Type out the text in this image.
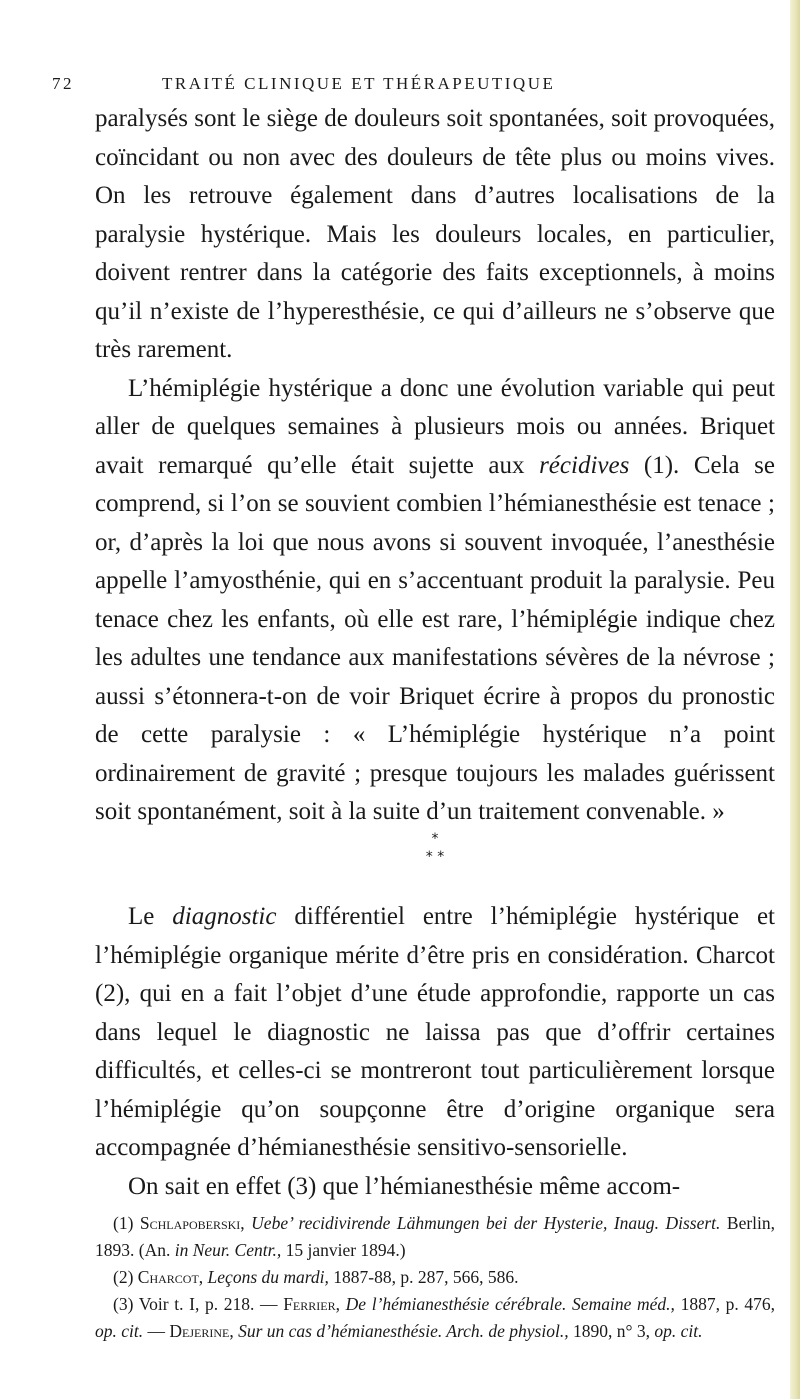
72	TRAITÉ CLINIQUE ET THÉRAPEUTIQUE

paralysés sont le siège de douleurs soit spontanées, soit provoquées, coïncidant ou non avec des douleurs de tête plus ou moins vives. On les retrouve également dans d’autres localisations de la paralysie hystérique. Mais les douleurs locales, en particulier, doivent rentrer dans la catégorie des faits exceptionnels, à moins qu’il n’existe de l’hyperesthésie, ce qui d’ailleurs ne s’observe que très rarement.

L’hémiplégie hystérique a donc une évolution variable qui peut aller de quelques semaines à plusieurs mois ou années. Briquet avait remarqué qu’elle était sujette aux récidives (1). Cela se comprend, si l’on se souvient combien l’hémianesthésie est tenace ; or, d’après la loi que nous avons si souvent invoquée, l’anesthésie appelle l’amyosthénie, qui en s’accentuant produit la paralysie. Peu tenace chez les enfants, où elle est rare, l’hémiplégie indique chez les adultes une tendance aux manifestations sévères de la névrose ; aussi s’étonnera-t-on de voir Briquet écrire à propos du pronostic de cette paralysie : « L’hémiplégie hystérique n’a point ordinairement de gravité ; presque toujours les malades guérissent soit spontanément, soit à la suite d’un traitement convenable. »

*
* *

Le diagnostic différentiel entre l’hémiplégie hystérique et l’hémiplégie organique mérite d’être pris en considération. Charcot (2), qui en a fait l’objet d’une étude approfondie, rapporte un cas dans lequel le diagnostic ne laissa pas que d’offrir certaines difficultés, et celles-ci se montreront tout particulièrement lorsque l’hémiplégie qu’on soupçonne être d’origine organique sera accompagnée d’hémianesthésie sensitivo-sensorielle.

On sait en effet (3) que l’hémianesthésie même accom-

(1) Schlapoberski, Uebe’ recidivirende Lähmungen bei der Hysterie, Inaug. Dissert. Berlin, 1893. (An. in Neur. Centr., 15 janvier 1894.)

(2) Charcot, Leçons du mardi, 1887-88, p. 287, 566, 586.

(3) Voir t. I, p. 218. — Ferrier, De l’hémianesthésie cérébrale. Semaine méd., 1887, p. 476, op. cit. — Dejerine, Sur un cas d’hémianesthésie. Arch. de physiol., 1890, n° 3, op. cit.
